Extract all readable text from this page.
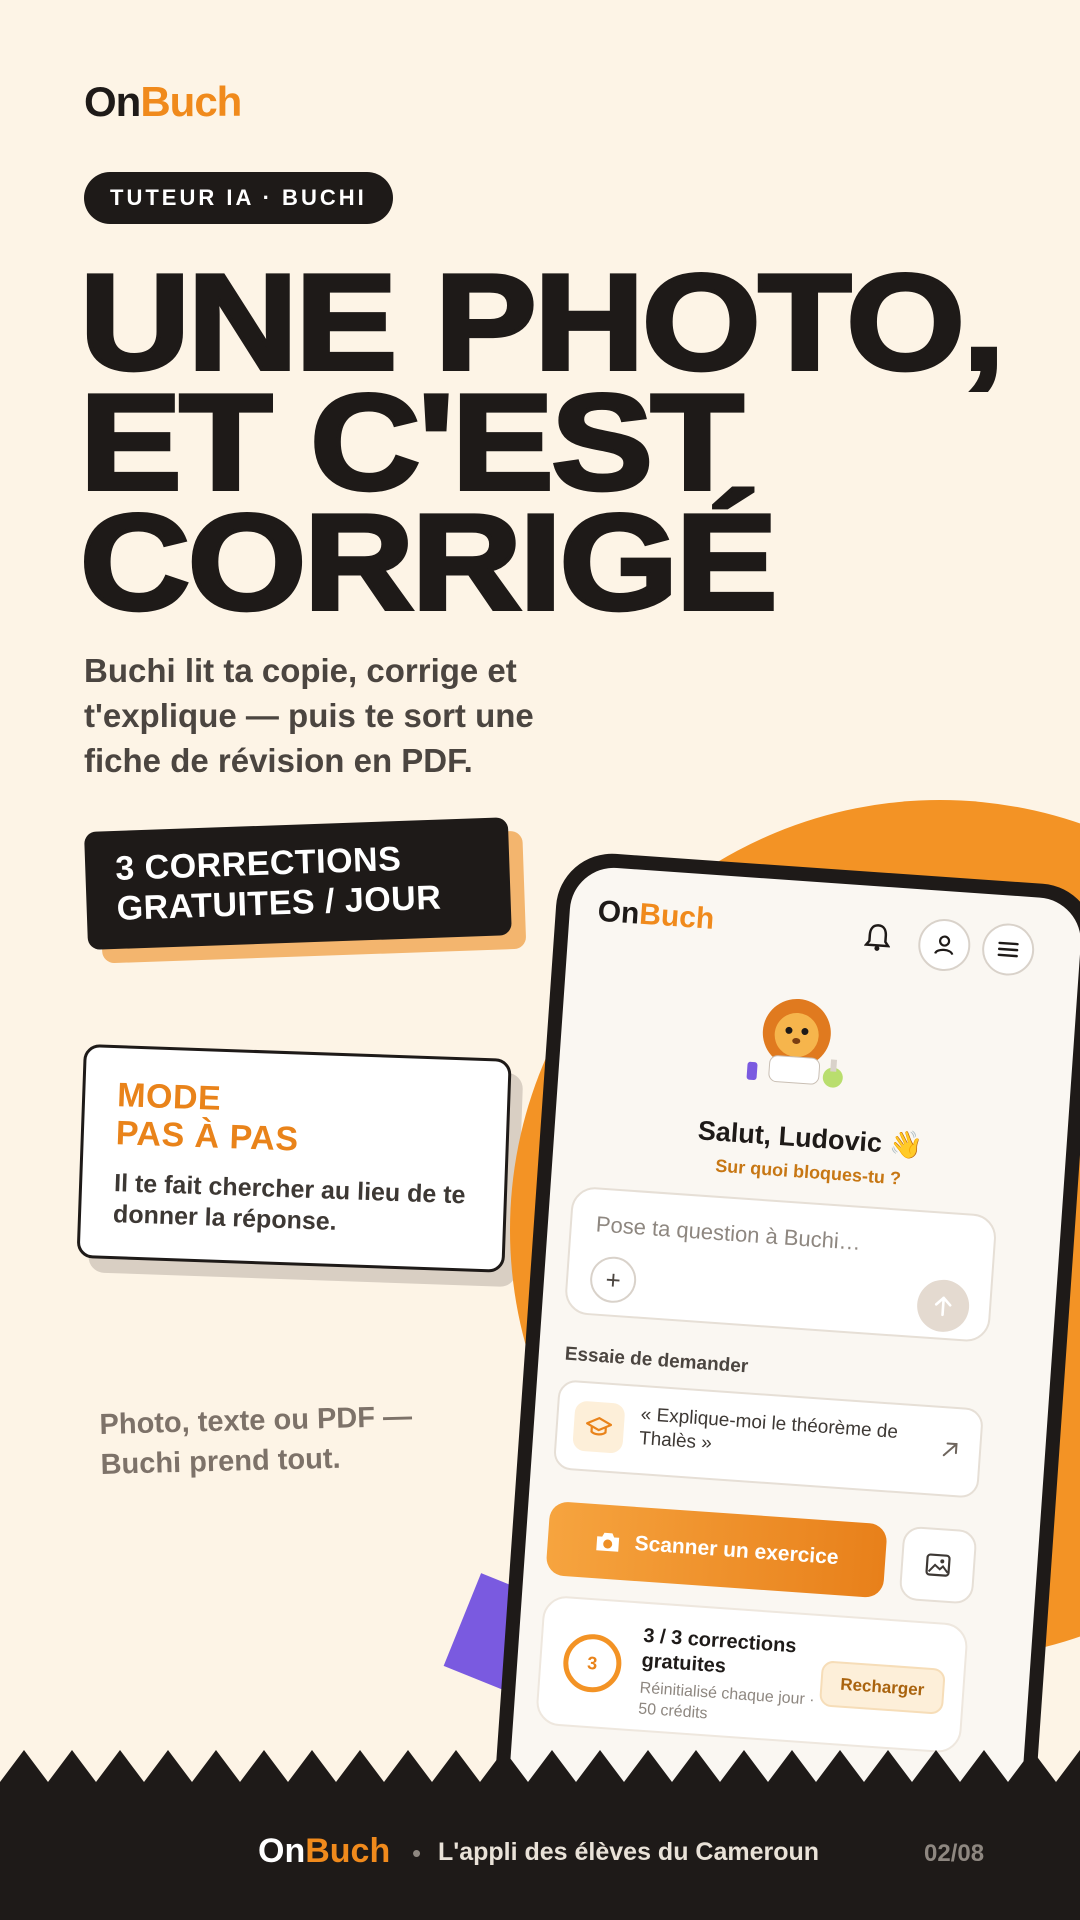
OnBuch
TUTEUR IA · BUCHI
UNE PHOTO,
ET C'EST
CORRIGÉ
Buchi lit ta copie, corrige et t'explique — puis te sort une fiche de révision en PDF.
3 CORRECTIONS
GRATUITES / JOUR
MODE
PAS À PAS
Il te fait chercher au lieu de te donner la réponse.
Photo, texte ou PDF — Buchi prend tout.
OnBuch
Salut, Ludovic 👋
Sur quoi bloques-tu ?
Pose ta question à Buchi…
+
Essaie de demander
« Explique-moi le théorème de Thalès »
Scanner un exercice
3
3 / 3 corrections gratuites
Réinitialisé chaque jour · 50 crédits
Recharger
OnBuch • L'appli des élèves du Cameroun	02/08
